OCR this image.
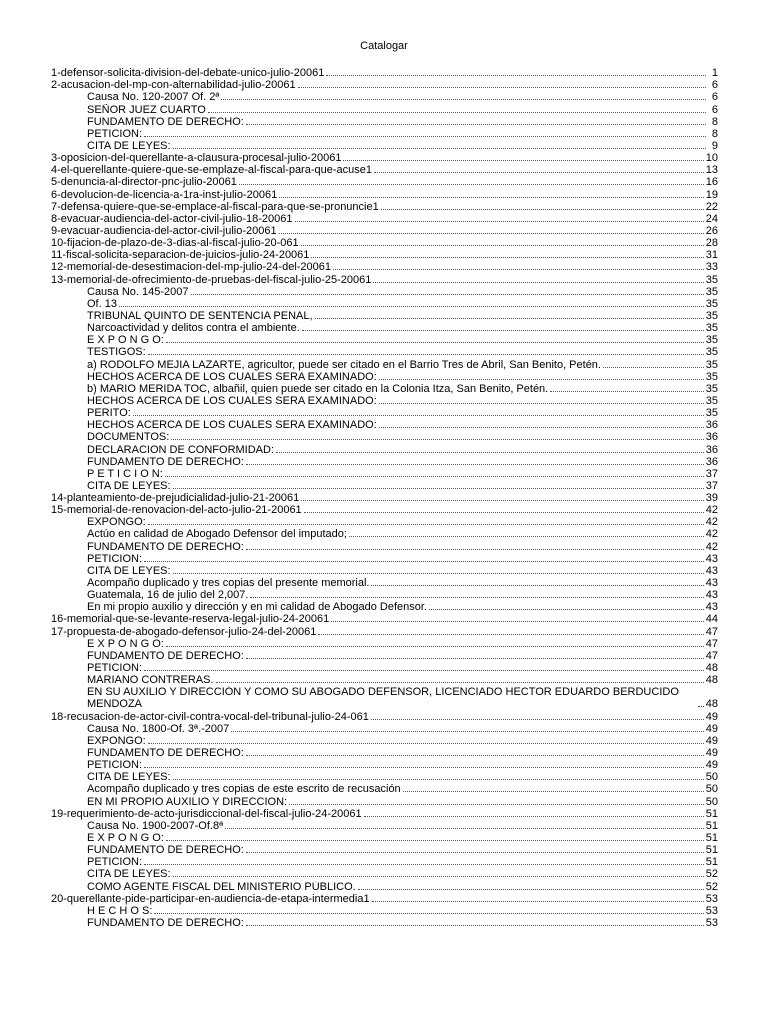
Catalogar
1-defensor-solicita-division-del-debate-unico-julio-20061	1
2-acusacion-del-mp-con-alternabilidad-julio-20061	6
Causa No. 120-2007 Of. 2ª	6
SEÑOR JUEZ CUARTO	6
FUNDAMENTO DE DERECHO:	8
PETICION:	8
CITA DE LEYES:	9
3-oposicion-del-querellante-a-clausura-procesal-julio-20061	10
4-el-querellante-quiere-que-se-emplaze-al-fiscal-para-que-acuse1	13
5-denuncia-al-director-pnc-julio-20061	16
6-devolucion-de-licencia-a-1ra-inst-julio-20061	19
7-defensa-quiere-que-se-emplace-al-fiscal-para-que-se-pronuncie1	22
8-evacuar-audiencia-del-actor-civil-julio-18-20061	24
9-evacuar-audiencia-del-actor-civil-julio-20061	26
10-fijacion-de-plazo-de-3-dias-al-fiscal-julio-20-061	28
11-fiscal-solicita-separacion-de-juicios-julio-24-20061	31
12-memorial-de-desestimacion-del-mp-julio-24-del-20061	33
13-memorial-de-ofrecimiento-de-pruebas-del-fiscal-julio-25-20061	35
Causa No. 145-2007	35
Of. 13	35
TRIBUNAL QUINTO DE SENTENCIA PENAL,	35
Narcoactividad y delitos contra el ambiente.	35
E X P O N G O:	35
TESTIGOS:	35
a) RODOLFO MEJIA LAZARTE, agricultor, puede ser citado en el Barrio Tres de Abril, San Benito, Petén.	35
HECHOS ACERCA DE LOS CUALES SERA EXAMINADO:	35
b) MARIO MERIDA TOC, albañil, quien puede ser citado en la Colonia Itza, San Benito, Petén.	35
HECHOS ACERCA DE LOS CUALES SERA EXAMINADO:	35
PERITO:	35
HECHOS ACERCA DE LOS CUALES SERA EXAMINADO:	36
DOCUMENTOS:	36
DECLARACION DE CONFORMIDAD:	36
FUNDAMENTO DE DERECHO:	36
P E T I C I O N:	37
CITA DE LEYES:	37
14-planteamiento-de-prejudicialidad-julio-21-20061	39
15-memorial-de-renovacion-del-acto-julio-21-20061	42
EXPONGO:	42
Actúo en calidad de Abogado Defensor del imputado;	42
FUNDAMENTO DE DERECHO:	42
PETICION:	43
CITA DE LEYES:	43
Acompaño duplicado y tres copias del presente memorial.	43
Guatemala, 16 de julio del 2,007.	43
En mi propio auxilio y dirección y en mi calidad de Abogado Defensor.	43
16-memorial-que-se-levante-reserva-legal-julio-24-20061	44
17-propuesta-de-abogado-defensor-julio-24-del-20061	47
E X P O N G O:	47
FUNDAMENTO DE DERECHO:	47
PETICION:	48
MARIANO CONTRERAS.	48
EN SU AUXILIO Y DIRECCIÓN Y COMO SU ABOGADO DEFENSOR, LICENCIADO HECTOR EDUARDO BERDUCIDO MENDOZA	48
18-recusacion-de-actor-civil-contra-vocal-del-tribunal-julio-24-061	49
Causa No. 1800-Of. 3ª.-2007	49
EXPONGO:	49
FUNDAMENTO DE DERECHO:	49
PETICION:	49
CITA DE LEYES:	50
Acompaño duplicado y tres copias de este escrito de recusación	50
EN MI PROPIO AUXILIO Y DIRECCION:	50
19-requerimiento-de-acto-jurisdiccional-del-fiscal-julio-24-20061	51
Causa No. 1900-2007-Of.8ª	51
E X P O N G O:	51
FUNDAMENTO DE DERECHO:	51
PETICION:	51
CITA DE LEYES:	52
COMO AGENTE FISCAL DEL MINISTERIO PÚBLICO.	52
20-querellante-pide-participar-en-audiencia-de-etapa-intermedia1	53
H E C H O S:	53
FUNDAMENTO DE DERECHO:	53
